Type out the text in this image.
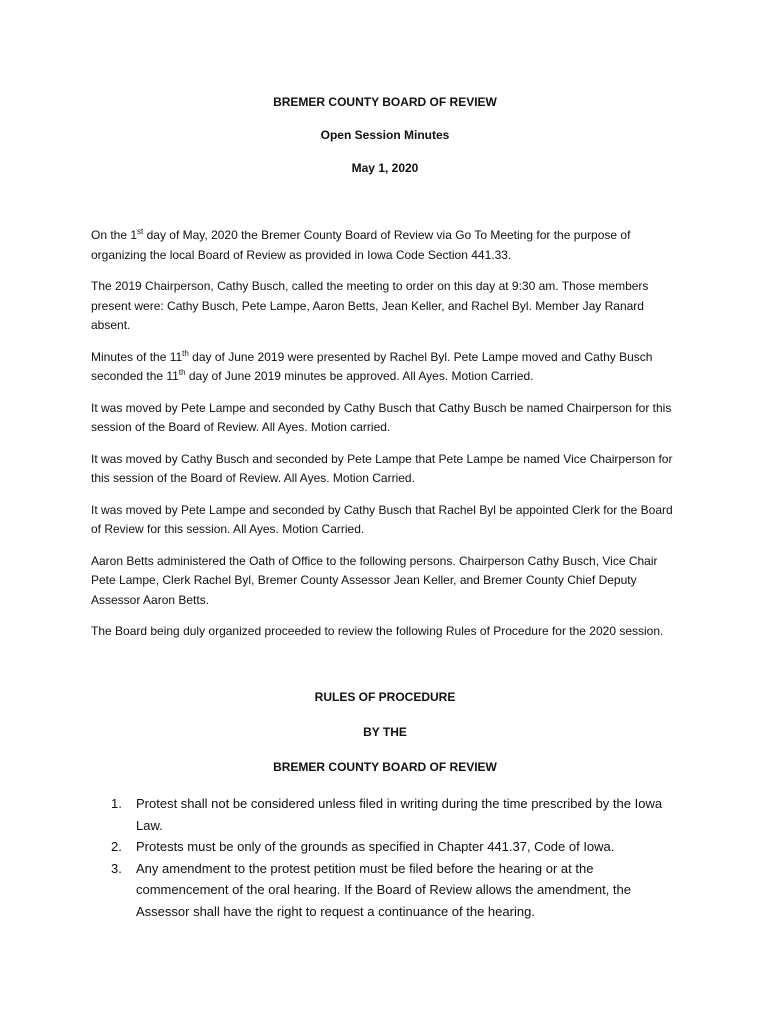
BREMER COUNTY BOARD OF REVIEW

Open Session Minutes

May 1, 2020

On the 1st day of May, 2020 the Bremer County Board of Review via Go To Meeting for the purpose of organizing the local Board of Review as provided in Iowa Code Section 441.33.

The 2019 Chairperson, Cathy Busch, called the meeting to order on this day at 9:30 am. Those members present were: Cathy Busch, Pete Lampe, Aaron Betts, Jean Keller, and Rachel Byl. Member Jay Ranard absent.

Minutes of the 11th day of June 2019 were presented by Rachel Byl. Pete Lampe moved and Cathy Busch seconded the 11th day of June 2019 minutes be approved. All Ayes. Motion Carried.

It was moved by Pete Lampe and seconded by Cathy Busch that Cathy Busch be named Chairperson for this session of the Board of Review. All Ayes. Motion carried.

It was moved by Cathy Busch and seconded by Pete Lampe that Pete Lampe be named Vice Chairperson for this session of the Board of Review. All Ayes. Motion Carried.

It was moved by Pete Lampe and seconded by Cathy Busch that Rachel Byl be appointed Clerk for the Board of Review for this session. All Ayes. Motion Carried.

Aaron Betts administered the Oath of Office to the following persons. Chairperson Cathy Busch, Vice Chair Pete Lampe, Clerk Rachel Byl, Bremer County Assessor Jean Keller, and Bremer County Chief Deputy Assessor Aaron Betts.

The Board being duly organized proceeded to review the following Rules of Procedure for the 2020 session.

RULES OF PROCEDURE

BY THE

BREMER COUNTY BOARD OF REVIEW

1. Protest shall not be considered unless filed in writing during the time prescribed by the Iowa Law.
2. Protests must be only of the grounds as specified in Chapter 441.37, Code of Iowa.
3. Any amendment to the protest petition must be filed before the hearing or at the commencement of the oral hearing. If the Board of Review allows the amendment, the Assessor shall have the right to request a continuance of the hearing.
